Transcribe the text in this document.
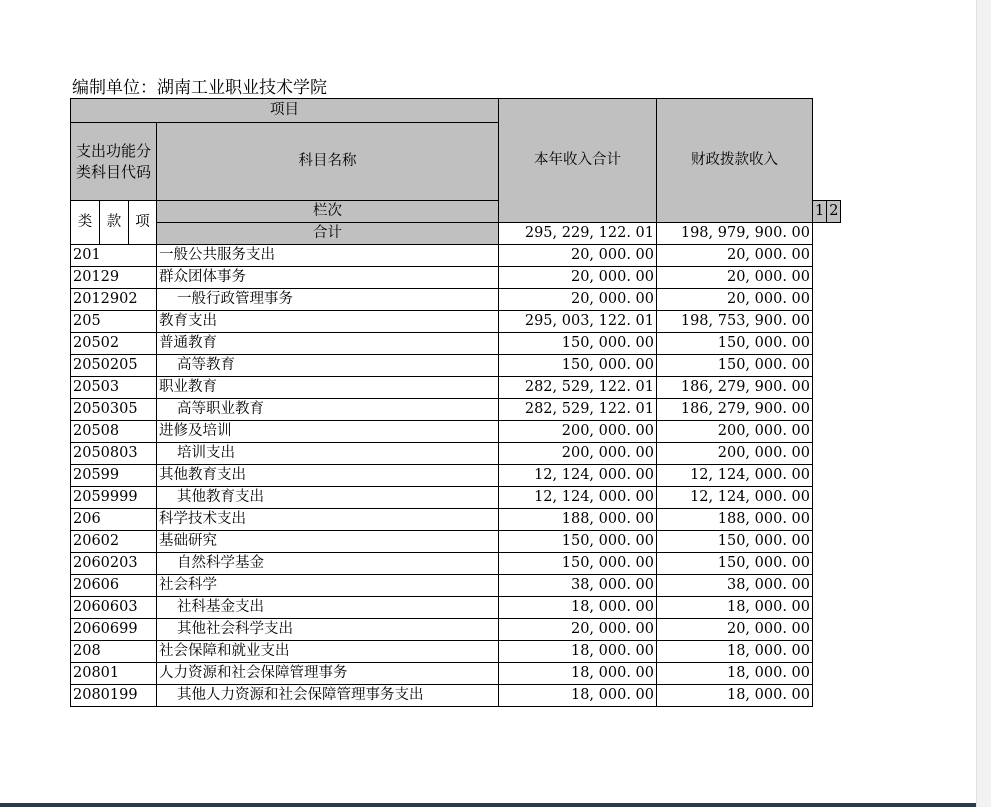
编制单位：湖南工业职业技术学院
项目				本年收入合计	财政拨款收入		
支出功能分类科目代码			科目名称				
类	款	项	栏次			1	2
			合计	295, 229, 122. 01	198, 979, 900. 00		
201			一般公共服务支出	20, 000. 00	20, 000. 00		
20129			群众团体事务	20, 000. 00	20, 000. 00		
2012902			一般行政管理事务	20, 000. 00	20, 000. 00		
205			教育支出	295, 003, 122. 01	198, 753, 900. 00		
20502			普通教育	150, 000. 00	150, 000. 00		
2050205			高等教育	150, 000. 00	150, 000. 00		
20503			职业教育	282, 529, 122. 01	186, 279, 900. 00		
2050305			高等职业教育	282, 529, 122. 01	186, 279, 900. 00		
20508			进修及培训	200, 000. 00	200, 000. 00		
2050803			培训支出	200, 000. 00	200, 000. 00		
20599			其他教育支出	12, 124, 000. 00	12, 124, 000. 00		
2059999			其他教育支出	12, 124, 000. 00	12, 124, 000. 00		
206			科学技术支出	188, 000. 00	188, 000. 00		
20602			基础研究	150, 000. 00	150, 000. 00		
2060203			自然科学基金	150, 000. 00	150, 000. 00		
20606			社会科学	38, 000. 00	38, 000. 00		
2060603			社科基金支出	18, 000. 00	18, 000. 00		
2060699			其他社会科学支出	20, 000. 00	20, 000. 00		
208			社会保障和就业支出	18, 000. 00	18, 000. 00		
20801			人力资源和社会保障管理事务	18, 000. 00	18, 000. 00		
2080199			其他人力资源和社会保障管理事务支出	18, 000. 00	18, 000. 00		
